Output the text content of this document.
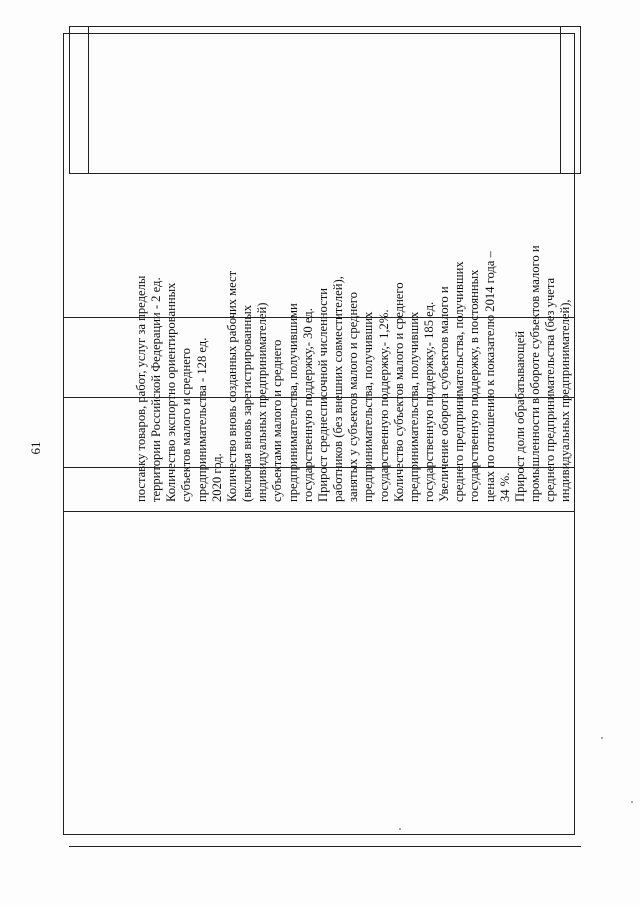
61	поставку товаров, работ, услуг за пределы территории Российской Федерации - 2 ед. Количество экспортно ориентированных субъектов малого и среднего предпринимательства - 128 ед. 2020 год. Количество вновь созданных рабочих мест (включая вновь зарегистрированных индивидуальных предпринимателей) субъектами малого и среднего предпринимательства, получившими государственную поддержку,- 30 ед. Прирост среднесписочной численности работников (без внешних совместителей), занятых у субъектов малого и среднего предпринимательства, получивших государственную поддержку,- 1,2%. Количество субъектов малого и среднего предпринимательства, получивших государственную поддержку,- 185 ед. Увеличение оборота субъектов малого и среднего предпринимательства, получивших государственную поддержку, в постоянных ценах по отношению к показателю 2014 года – 34 %. Прирост доли обрабатывающей промышленности в обороте субъектов малого и среднего предпринимательства (без учета индивидуальных предпринимателей),
